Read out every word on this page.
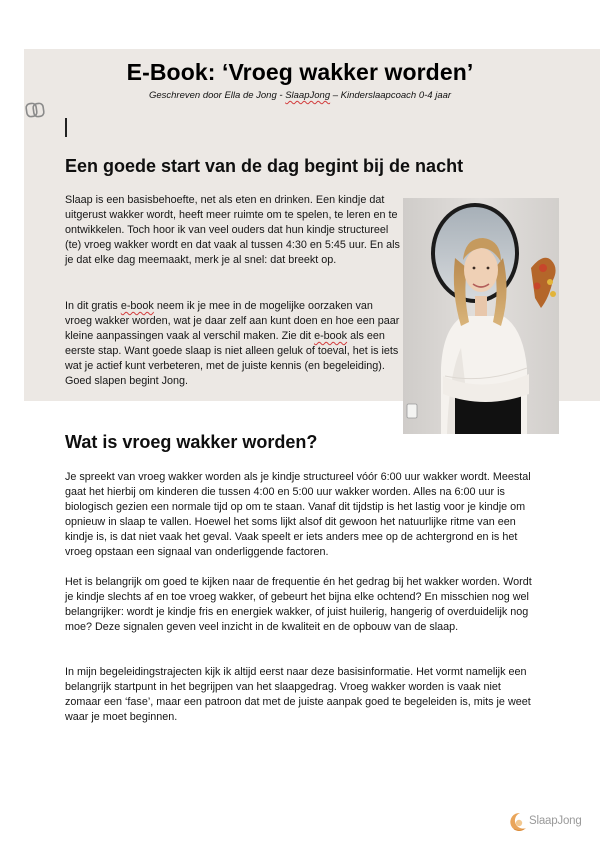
E-Book: ‘Vroeg wakker worden’
Geschreven door Ella de Jong - SlaapJong – Kinderslaapcoach 0-4 jaar
Een goede start van de dag begint bij de nacht

Slaap is een basisbehoefte, net als eten en drinken. Een kindje dat uitgerust wakker wordt, heeft meer ruimte om te spelen, te leren en te ontwikkelen. Toch hoor ik van veel ouders dat hun kindje structureel (te) vroeg wakker wordt en dat vaak al tussen 4:30 en 5:45 uur. En als je dat elke dag meemaakt, merk je al snel: dat breekt op.

In dit gratis e-book neem ik je mee in de mogelijke oorzaken van vroeg wakker worden, wat je daar zelf aan kunt doen en hoe een paar kleine aanpassingen vaak al verschil maken. Zie dit e-book als een eerste stap. Want goede slaap is niet alleen geluk of toeval, het is iets wat je actief kunt verbeteren, met de juiste kennis (en begeleiding). Goed slapen begint Jong.

Wat is vroeg wakker worden?

Je spreekt van vroeg wakker worden als je kindje structureel vóór 6:00 uur wakker wordt. Meestal gaat het hierbij om kinderen die tussen 4:00 en 5:00 uur wakker worden. Alles na 6:00 uur is biologisch gezien een normale tijd op om te staan. Vanaf dit tijdstip is het lastig voor je kindje om opnieuw in slaap te vallen. Hoewel het soms lijkt alsof dit gewoon het natuurlijke ritme van een kindje is, is dat niet vaak het geval. Vaak speelt er iets anders mee op de achtergrond en is het vroeg opstaan een signaal van onderliggende factoren.

Het is belangrijk om goed te kijken naar de frequentie én het gedrag bij het wakker worden. Wordt je kindje slechts af en toe vroeg wakker, of gebeurt het bijna elke ochtend? En misschien nog wel belangrijker: wordt je kindje fris en energiek wakker, of juist huilerig, hangerig of overduidelijk nog moe? Deze signalen geven veel inzicht in de kwaliteit en de opbouw van de slaap.

In mijn begeleidingstrajecten kijk ik altijd eerst naar deze basisinformatie. Het vormt namelijk een belangrijk startpunt in het begrijpen van het slaapgedrag. Vroeg wakker worden is vaak niet zomaar een ‘fase’, maar een patroon dat met de juiste aanpak goed te begeleiden is, mits je weet waar je moet beginnen.

SlaapJong
